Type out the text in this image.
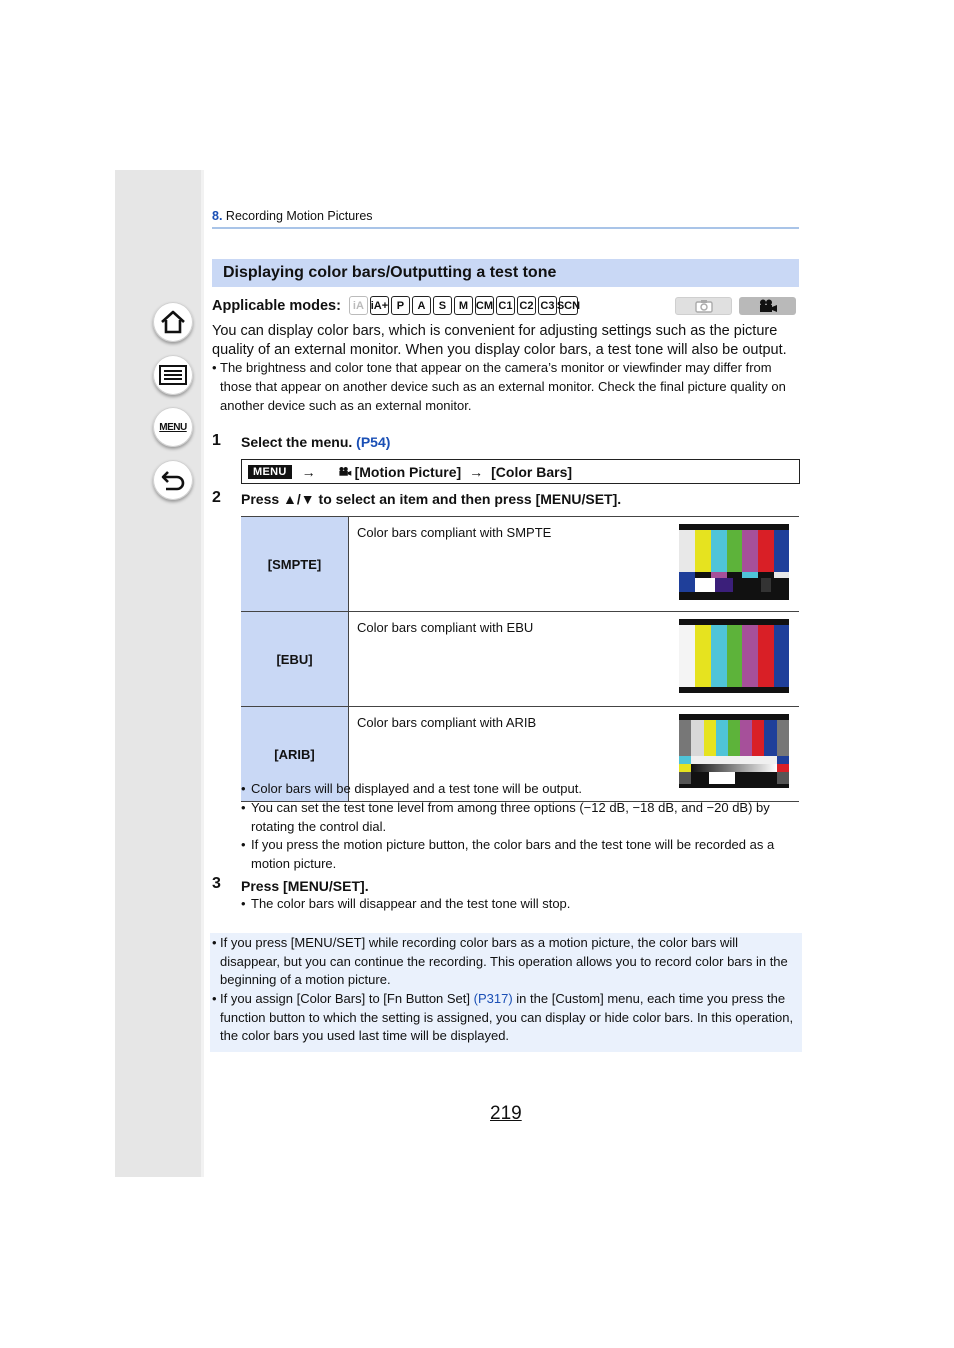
MENU
8. Recording Motion Pictures
Displaying color bars/Outputting a test tone
Applicable modes:	iA iA+ P	A	S	M CM C1 C2 C3 SCN
You can display color bars, which is convenient for adjusting settings such as the picture quality of an external monitor. When you display color bars, a test tone will also be output.
• The brightness and color tone that appear on the camera’s monitor or viewfinder may differ from those that appear on another device such as an external monitor. Check the final picture quality on another device such as an external monitor.
1 Select the menu. (P54)
MENU	→	[Motion Picture] → [Color Bars]
2 Press ▲/▼ to select an item and then press [MENU/SET].
[SMPTE]	Color bars compliant with SMPTE

[EBU]	Color bars compliant with EBU

[ARIB]	Color bars compliant with ARIB
• Color bars will be displayed and a test tone will be output.
• You can set the test tone level from among three options (−12 dB, −18 dB, and −20 dB) by rotating the control dial.
• If you press the motion picture button, the color bars and the test tone will be recorded as a motion picture.
3 Press [MENU/SET].
• The color bars will disappear and the test tone will stop.
• If you press [MENU/SET] while recording color bars as a motion picture, the color bars will disappear, but you can continue the recording. This operation allows you to record color bars in the beginning of a motion picture.
• If you assign [Color Bars] to [Fn Button Set] (P317) in the [Custom] menu, each time you press the function button to which the setting is assigned, you can display or hide color bars. In this operation, the color bars you used last time will be displayed.
219
